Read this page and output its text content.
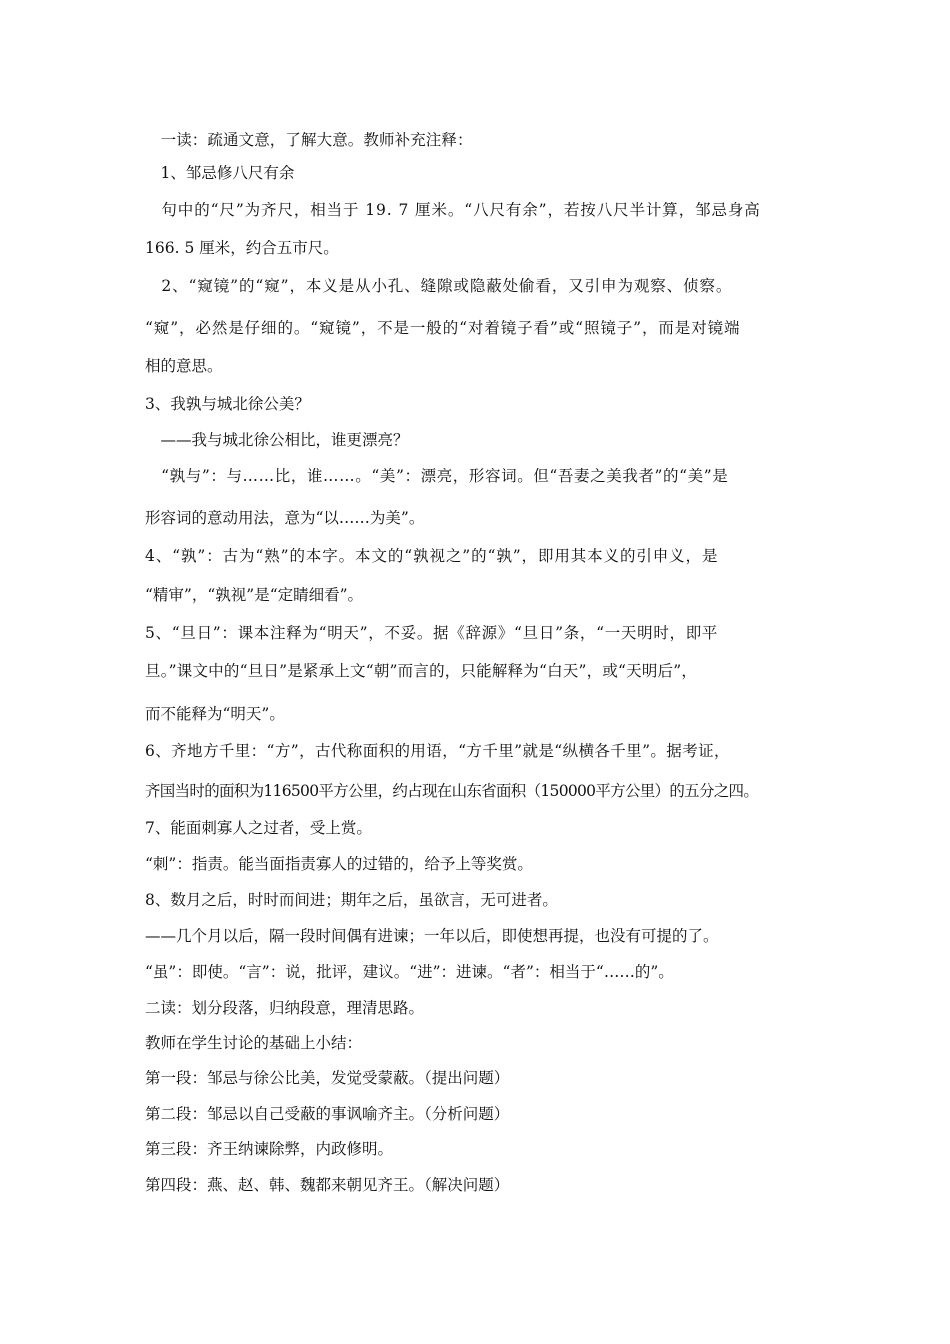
　一读：疏通文意，了解大意。教师补充注释：
　1、邹忌修八尺有余
　句中的“尺”为齐尺，相当于 19. 7 厘米。“八尺有余”，若按八尺半计算，邹忌身高
166. 5 厘米，约合五市尺。
　2、“窥镜”的“窥”，本义是从小孔、缝隙或隐蔽处偷看，又引申为观察、侦察。
“窥”，必然是仔细的。“窥镜”，不是一般的“对着镜子看”或“照镜子”，而是对镜端
相的意思。
3、我孰与城北徐公美？
　——我与城北徐公相比，谁更漂亮？
　“孰与”：与……比，谁……。“美”：漂亮，形容词。但“吾妻之美我者”的“美”是
形容词的意动用法，意为“以……为美”。
4、“孰”：古为“熟”的本字。本文的“孰视之”的“孰”，即用其本义的引申义，是
“精审”，“孰视”是“定睛细看”。
5、“旦日”：课本注释为“明天”，不妥。据《辞源》“旦日”条，“一天明时，即平
旦。”课文中的“旦日”是紧承上文“朝”而言的，只能解释为“白天”，或“天明后”，
而不能释为“明天”。
6、齐地方千里：“方”，古代称面积的用语，“方千里”就是“纵横各千里”。据考证，
齐国当时的面积为116500平方公里，约占现在山东省面积（150000平方公里）的五分之四。
7、能面刺寡人之过者，受上赏。
“刺”：指责。能当面指责寡人的过错的，给予上等奖赏。
8、数月之后，时时而间进；期年之后，虽欲言，无可进者。
——几个月以后，隔一段时间偶有进谏；一年以后，即使想再提，也没有可提的了。
“虽”：即使。“言”：说，批评，建议。“进”：进谏。“者”：相当于“……的”。
二读：划分段落，归纳段意，理清思路。
教师在学生讨论的基础上小结：
第一段：邹忌与徐公比美，发觉受蒙蔽。（提出问题）
第二段：邹忌以自己受蔽的事讽喻齐主。（分析问题）
第三段：齐王纳谏除弊，内政修明。
第四段：燕、赵、韩、魏都来朝见齐王。（解决问题）
